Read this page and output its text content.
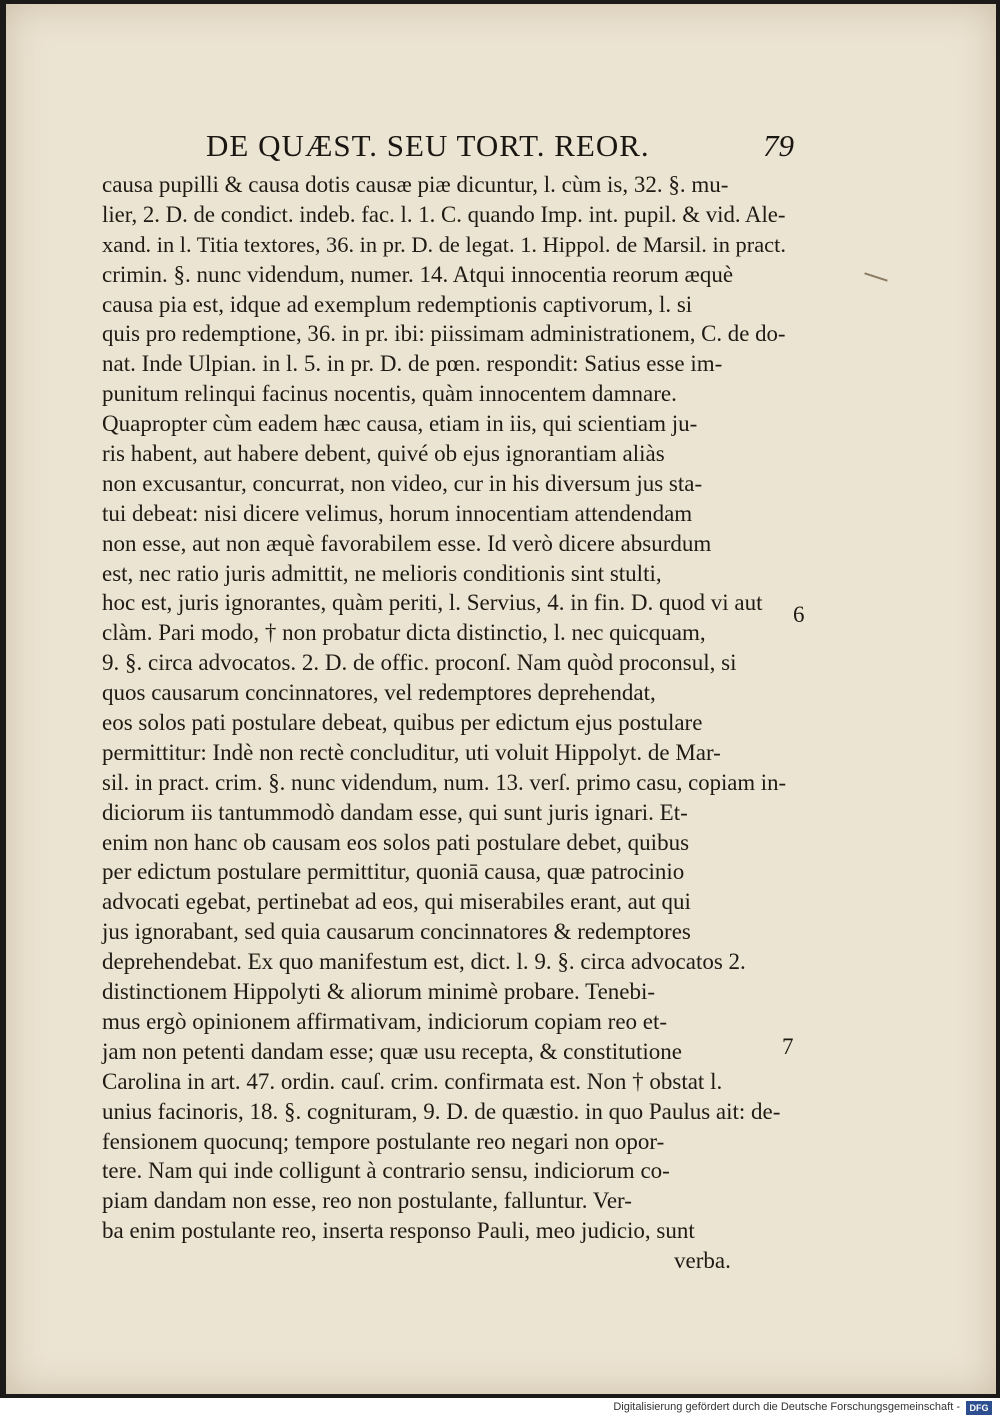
DE QUÆST. SEU TORT. REOR.	79
causa pupilli & causa dotis causæ piæ dicuntur, l. cùm is, 32. §. mu-
lier, 2. D. de condict. indeb. fac. l. 1. C. quando Imp. int. pupil. & vid. Ale-
xand. in l. Titia textores, 36. in pr. D. de legat. 1. Hippol. de Marsil. in pract.
crimin. §. nunc videndum, numer. 14. Atqui innocentia reorum æquè
causa pia est, idque ad exemplum redemptionis captivorum, l. si
quis pro redemptione, 36. in pr. ibi: piissimam administrationem, C. de do-
nat. Inde Ulpian. in l. 5. in pr. D. de pœn. respondit: Satius esse im-
punitum relinqui facinus nocentis, quàm innocentem damnare.
Quapropter cùm eadem hæc causa, etiam in iis, qui scientiam ju-
ris habent, aut habere debent, quivé ob ejus ignorantiam aliàs
non excusantur, concurrat, non video, cur in his diversum jus sta-
tui debeat: nisi dicere velimus, horum innocentiam attendendam
non esse, aut non æquè favorabilem esse. Id verò dicere absurdum
est, nec ratio juris admittit, ne melioris conditionis sint stulti,
hoc est, juris ignorantes, quàm periti, l. Servius, 4. in fin. D. quod vi aut
clàm. Pari modo, † non probatur dicta distinctio, l. nec quicquam,
9. §. circa advocatos. 2. D. de offic. proconſ. Nam quòd proconsul, si
quos causarum concinnatores, vel redemptores deprehendat,
eos solos pati postulare debeat, quibus per edictum ejus postulare
permittitur: Indè non rectè concluditur, uti voluit Hippolyt. de Mar-
sil. in pract. crim. §. nunc videndum, num. 13. verſ. primo casu, copiam in-
diciorum iis tantummodò dandam esse, qui sunt juris ignari. Et-
enim non hanc ob causam eos solos pati postulare debet, quibus
per edictum postulare permittitur, quoniā causa, quæ patrocinio
advocati egebat, pertinebat ad eos, qui miserabiles erant, aut qui
jus ignorabant, sed quia causarum concinnatores & redemptores
deprehendebat. Ex quo manifestum est, dict. l. 9. §. circa advocatos 2.
distinctionem Hippolyti & aliorum minimè probare. Tenebi-
mus ergò opinionem affirmativam, indiciorum copiam reo et-
jam non petenti dandam esse; quæ usu recepta, & constitutione
Carolina in art. 47. ordin. cauſ. crim. confirmata est. Non † obstat l.
unius facinoris, 18. §. cognituram, 9. D. de quæstio. in quo Paulus ait: de-
fensionem quocunq; tempore postulante reo negari non opor-
tere. Nam qui inde colligunt à contrario sensu, indiciorum co-
piam dandam non esse, reo non postulante, falluntur. Ver-
ba enim postulante reo, inserta responso Pauli, meo judicio, sunt
verba.
6
7
Digitalisierung gefördert durch die Deutsche Forschungsgemeinschaft -	DFG
